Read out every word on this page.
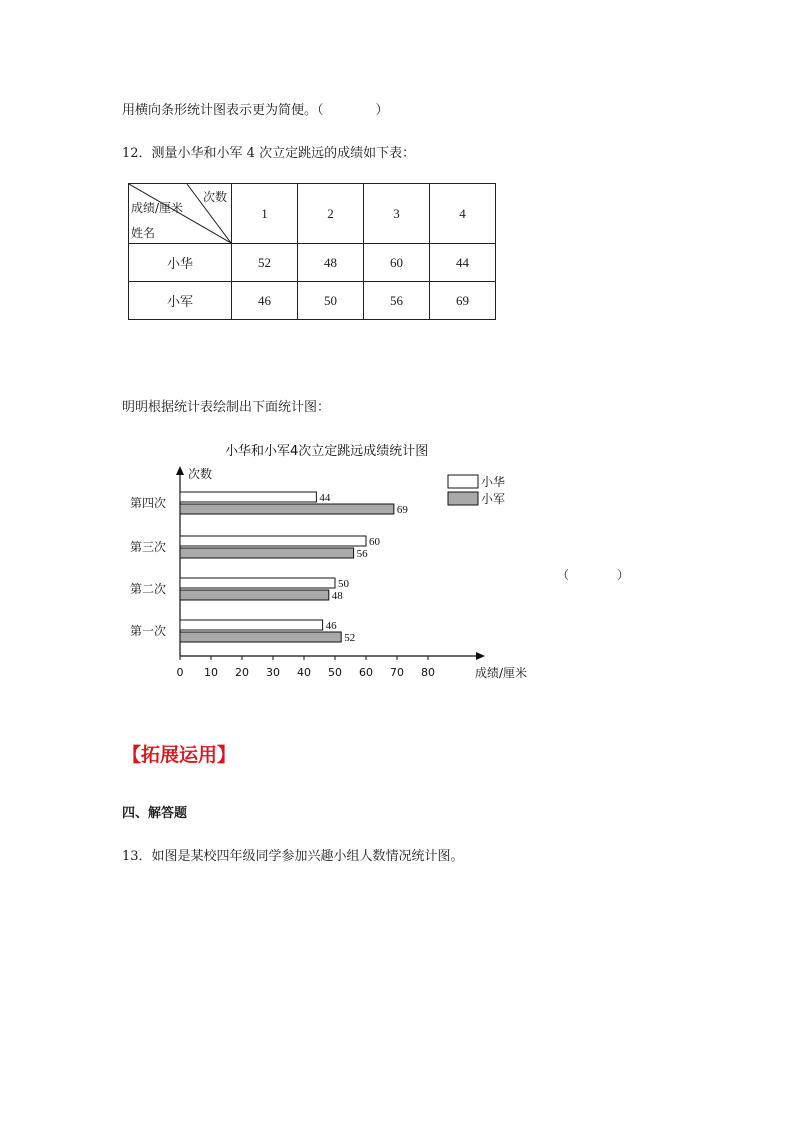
用横向条形统计图表示更为简便。（	）
12．测量小华和小军 4 次立定跳远的成绩如下表：
次数
成绩/厘米
姓名	1	2	3	4
小华	52	48	60	44
小军	46	50	56	69
明明根据统计表绘制出下面统计图：
小华和小军4次立定跳远成绩统计图
次数
成绩/厘米
0 10 20 30 40 50 60 70 80
第四次	44
69
第三次	60
56
第二次	50
48
第一次	46
52
小华
小军
（　　　　）
【拓展运用】
四、解答题
13．如图是某校四年级同学参加兴趣小组人数情况统计图。
